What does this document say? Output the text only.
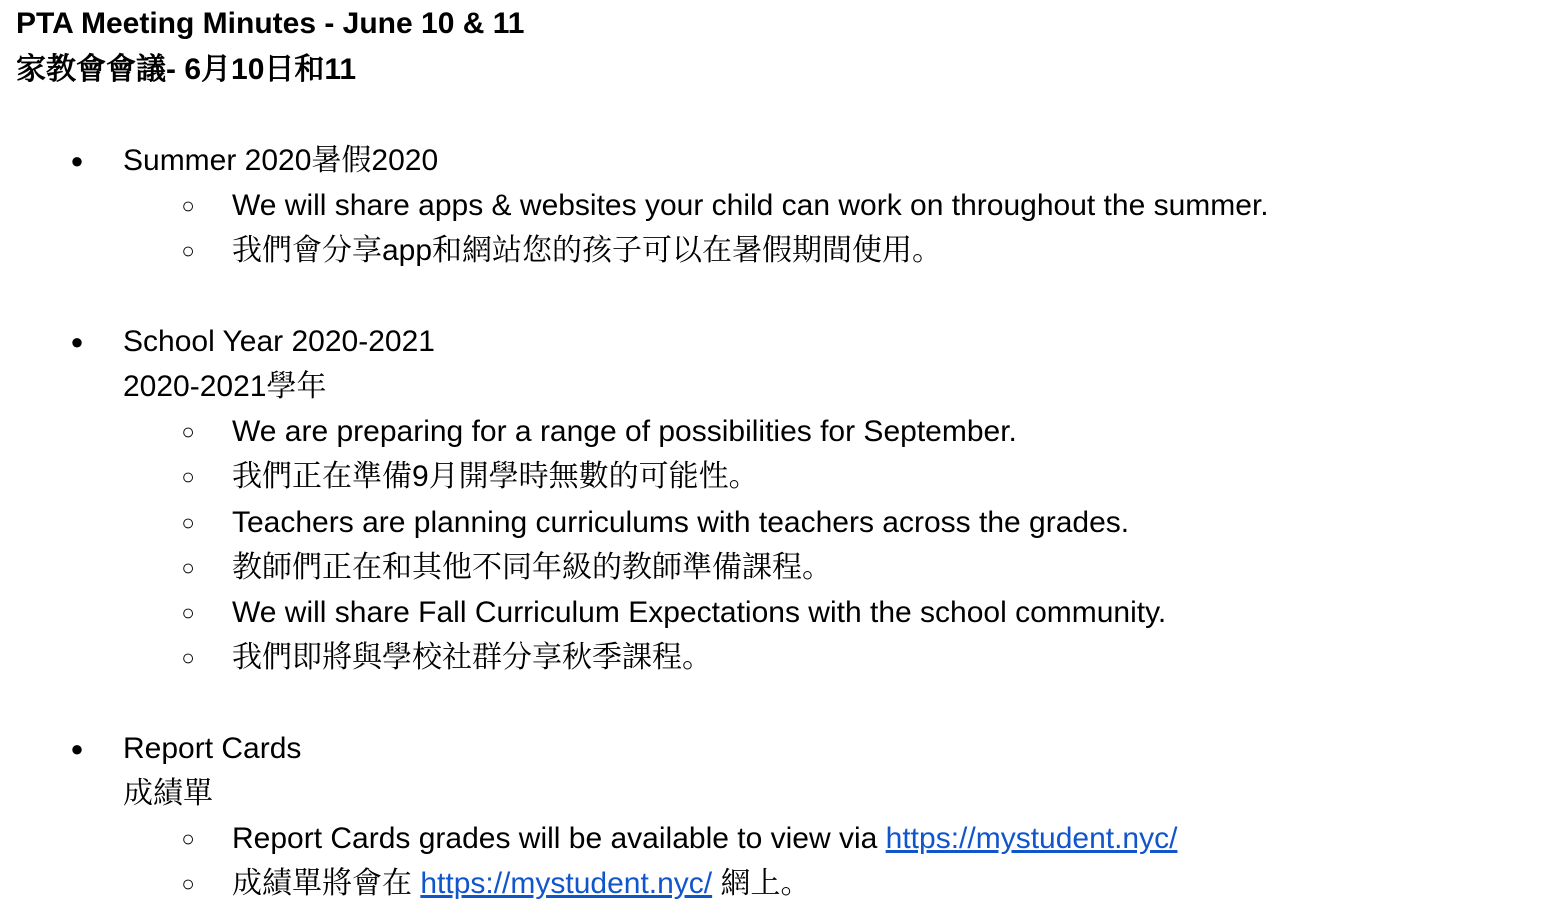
PTA Meeting Minutes - June 10 & 11
家教會會議- 6月10日和11
● Summer 2020暑假2020
○ We will share apps & websites your child can work on throughout the summer.
○ 我們會分享app和網站您的孩子可以在暑假期間使用。
● School Year 2020-2021
2020-2021學年
○ We are preparing for a range of possibilities for September.
○ 我們正在準備9月開學時無數的可能性。
○ Teachers are planning curriculums with teachers across the grades.
○ 教師們正在和其他不同年級的教師準備課程。
○ We will share Fall Curriculum Expectations with the school community.
○ 我們即將與學校社群分享秋季課程。
● Report Cards
成績單
○ Report Cards grades will be available to view via https://mystudent.nyc/
○ 成績單將會在 https://mystudent.nyc/ 網上。
